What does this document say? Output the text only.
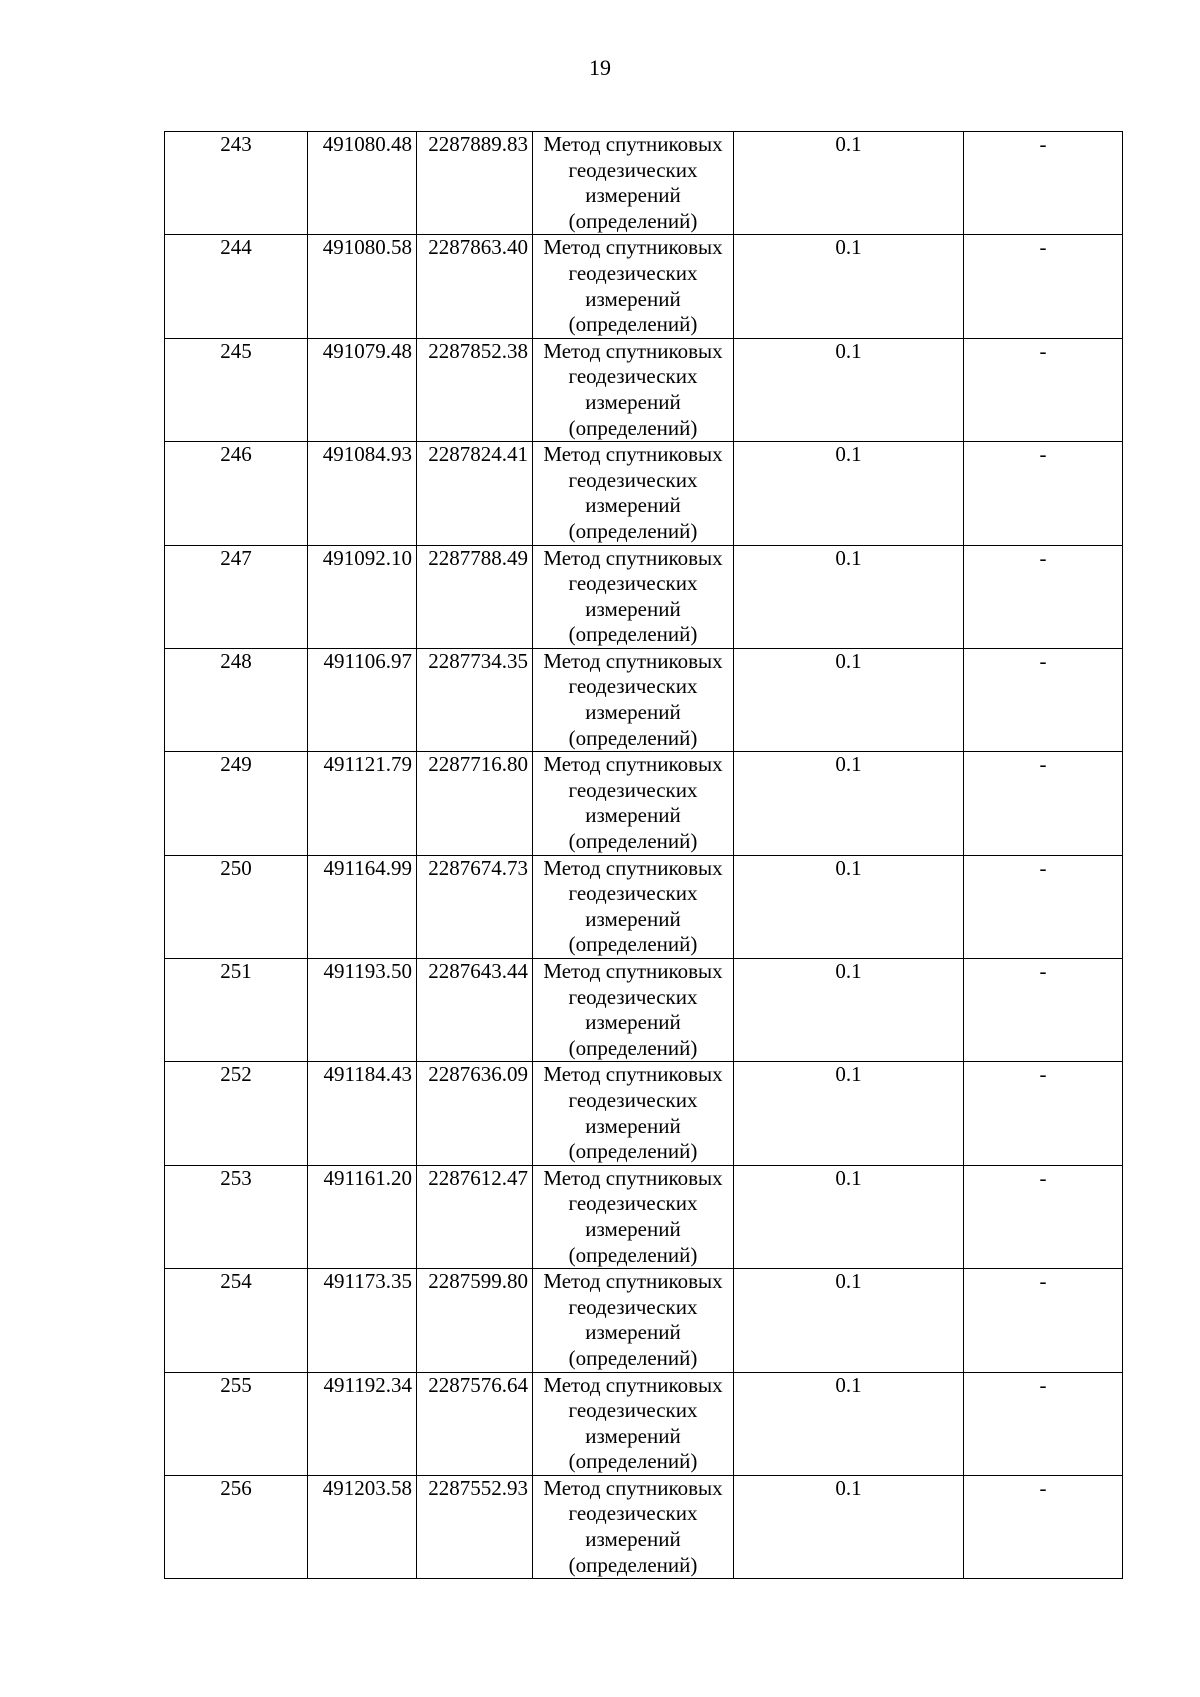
19
243	491080.48	2287889.83	Метод спутниковых
геодезических
измерений
(определений)	0.1	-
244	491080.58	2287863.40	Метод спутниковых
геодезических
измерений
(определений)	0.1	-
245	491079.48	2287852.38	Метод спутниковых
геодезических
измерений
(определений)	0.1	-
246	491084.93	2287824.41	Метод спутниковых
геодезических
измерений
(определений)	0.1	-
247	491092.10	2287788.49	Метод спутниковых
геодезических
измерений
(определений)	0.1	-
248	491106.97	2287734.35	Метод спутниковых
геодезических
измерений
(определений)	0.1	-
249	491121.79	2287716.80	Метод спутниковых
геодезических
измерений
(определений)	0.1	-
250	491164.99	2287674.73	Метод спутниковых
геодезических
измерений
(определений)	0.1	-
251	491193.50	2287643.44	Метод спутниковых
геодезических
измерений
(определений)	0.1	-
252	491184.43	2287636.09	Метод спутниковых
геодезических
измерений
(определений)	0.1	-
253	491161.20	2287612.47	Метод спутниковых
геодезических
измерений
(определений)	0.1	-
254	491173.35	2287599.80	Метод спутниковых
геодезических
измерений
(определений)	0.1	-
255	491192.34	2287576.64	Метод спутниковых
геодезических
измерений
(определений)	0.1	-
256	491203.58	2287552.93	Метод спутниковых
геодезических
измерений
(определений)	0.1	-
